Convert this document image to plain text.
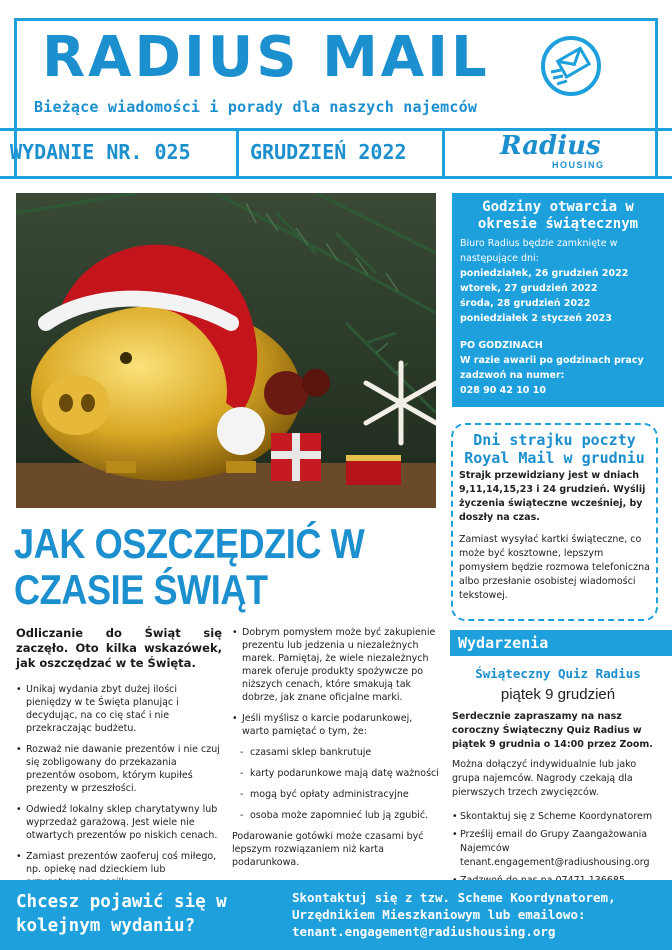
RADIUS MAIL
Bieżące wiadomości i porady dla naszych najemców
WYDANIE NR. 025	GRUDZIEŃ 2022	Radius
HOUSING
Godziny otwarcia w okresie świątecznym

Biuro Radius będzie zamknięte w następujące dni:

poniedziałek, 26 grudzień 2022

wtorek, 27 grudzień 2022

środa, 28 grudzień 2022

poniedziałek 2 styczeń 2023

PO GODZINACH

W razie awarii po godzinach pracy zadzwoń na numer:

028 90 42 10 10

Dni strajku poczty Royal Mail w grudniu

Strajk przewidziany jest w dniach 9,11,14,15,23 i 24 grudzień. Wyślij życzenia świąteczne wcześniej, by doszły na czas.

Zamiast wysyłać kartki świąteczne, co może być kosztowne, lepszym pomysłem będzie rozmowa telefoniczna albo przesłanie osobistej wiadomości tekstowej.

Wydarzenia
Świąteczny Quiz Radius
piątek 9 grudzień

Serdecznie zapraszamy na nasz coroczny Świąteczny Quiz Radius w piątek 9 grudnia o 14:00 przez Zoom.

Można dołączyć indywidualnie lub jako grupa najemców. Nagrody czekają dla pierwszych trzech zwycięzców.

• Skontaktuj się z Scheme Koordynatorem
• Prześlij email do Grupy Zaangażowania Najemców tenant.engagement@radiushousing.org
•
JAK OSZCZĘDZIĆ W
CZASIE ŚWIĄT
Odliczanie do Świąt się zaczęło. Oto kilka wskazówek, jak oszczędzać w te Święta.
• Unikaj wydania zbyt dużej ilości pieniędzy w te Święta planując i decydując, na co cię stać i nie przekraczając budżetu.
• Rozważ nie dawanie prezentów i nie czuj się zobligowany do przekazania prezentów osobom, którym kupiłeś prezenty w przeszłości.
• Odwiedź lokalny sklep charytatywny lub wyprzedaż garażową. Jest wiele nie otwartych prezentów po niskich cenach.
• Zamiast prezentów zaoferuj coś miłego, np. opiekę nad dzieckiem lub
• Dobrym pomysłem może być zakupienie prezentu lub jedzenia u niezależnych marek. Pamiętaj, że wiele niezależnych marek oferuje produkty spożywcze po niższych cenach, które smakują tak dobrze, jak znane oficjalne marki.
• Jeśli myślisz o karcie podarunkowej, warto pamiętać o tym, że:
- czasami sklep bankrutuje
- karty podarunkowe mają datę ważności
- mogą być opłaty administracyjne
- osoba może zapomnieć lub ją zgubić.

Podarowanie gotówki może czasami być lepszym rozwiązaniem niż karta podarunkowa.

Chcesz pojawić się w kolejnym wydaniu?
Skontaktuj się z tzw. Scheme Koordynatorem, Urzędnikiem Mieszkaniowym lub emailowo: tenant.engagement@radiushousing.org
